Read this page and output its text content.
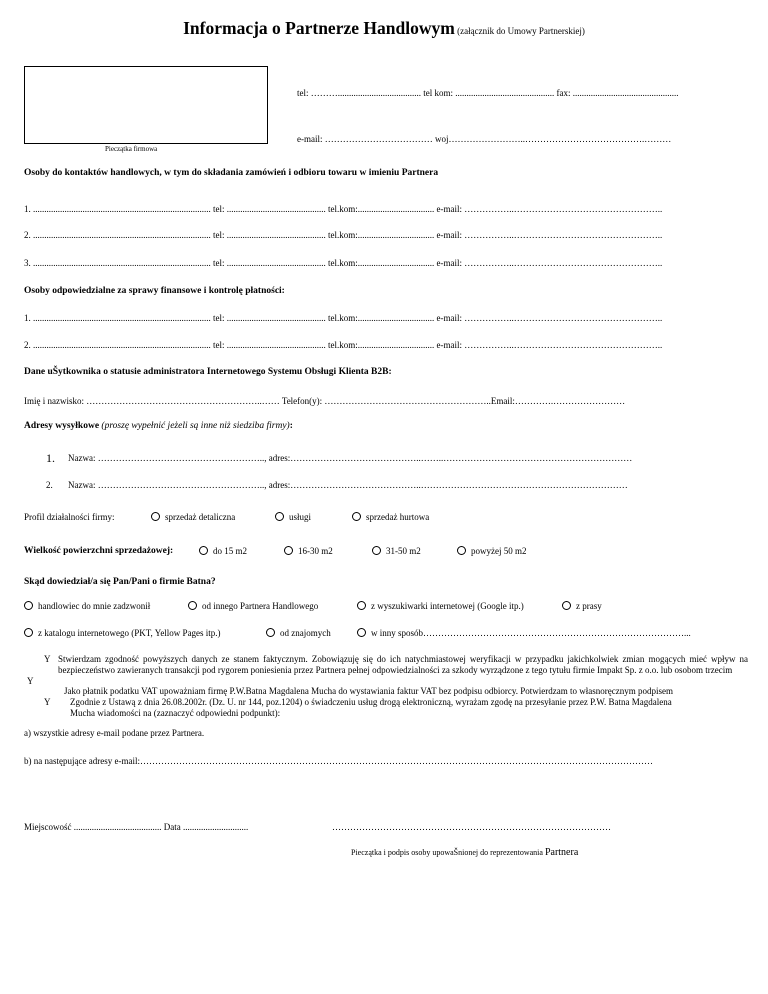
Informacja o Partnerze Handlowym (załącznik do Umowy Partnerskiej)
Pieczątka firmowa
tel: ………..................................... tel kom: ............................................ fax: ...............................................
e-mail: ……………………………… woj……………………..………………………………….………
Osoby do kontaktów handlowych, w tym do składania zamówień i odbioru towaru w imieniu Partnera
1. ............................................................................... tel: ............................................ tel.kom:.................................. e-mail: ……………..…………………………………………..
2. ............................................................................... tel: ............................................ tel.kom:.................................. e-mail: ……………..…………………………………………..
3. ............................................................................... tel: ............................................ tel.kom:.................................. e-mail: ……………..…………………………………………..
Osoby odpowiedzialne za sprawy finansowe i kontrolę płatności:
1. ............................................................................... tel: ............................................ tel.kom:.................................. e-mail: ……………..…………………………………………..
2. ............................................................................... tel: ............................................ tel.kom:.................................. e-mail: ……………..…………………………………………..
Dane uŠytkownika o statusie administratora Internetowego Systemu Obsługi Klienta B2B:
Imię i nazwisko: …………………………………………………..…… Telefon(y): ………………………………………………..Email:………….……………………
Adresy wysyłkowe (proszę wypełnić jeżeli są inne niż siedziba firmy):
1. Nazwa: ……………………………………………….., adres:……………………………………..……..………………………………………………………
2. Nazwa: ……………………………………………….., adres:……………………………………..……………………………………………………………
Profil działalności firmy:	sprzedaż detaliczna	usługi	sprzedaż hurtowa
Wielkość powierzchni sprzedażowej:	do 15 m2	16-30 m2	31-50 m2	powyżej 50 m2
Skąd dowiedział/a się Pan/Pani o firmie Batna?
handlowiec do mnie zadzwonił	od innego Partnera Handlowego	z wyszukiwarki internetowej (Google itp.)	z prasy
z katalogu internetowego (PKT, Yellow Pages itp.)	od znajomych	w inny sposób……………………………………………………………………………...
Y Stwierdzam zgodność powyższych danych ze stanem faktycznym. Zobowiązuję się do ich natychmiastowej weryfikacji w przypadku jakichkolwiek zmian mogących mieć wpływ na bezpieczeństwo zawieranych transakcji pod rygorem poniesienia przez Partnera pełnej odpowiedzialności za szkody wyrządzone z tego tytułu firmie Impakt Sp. z o.o. lub osobom trzecim
Y
Jako płatnik podatku VAT upoważniam firmę P.W.Batna Magdalena Mucha do wystawiania faktur VAT bez podpisu odbiorcy. Potwierdzam to własnoręcznym podpisem
Y Zgodnie z Ustawą z dnia 26.08.2002r. (Dz. U. nr 144, poz.1204) o świadczeniu usług drogą elektroniczną, wyrażam zgodę na przesyłanie przez P.W. Batna Magdalena Mucha wiadomości na (zaznaczyć odpowiedni podpunkt):
a) wszystkie adresy e-mail podane przez Partnera.
b) na następujące adresy e-mail:………………………………………………………………………………………………………………………………………………………
Miejscowość ....................................... Data .............................	…………………………………………………………………………………
Pieczątka i podpis osoby upowaŠnionej do reprezentowania Partnera
